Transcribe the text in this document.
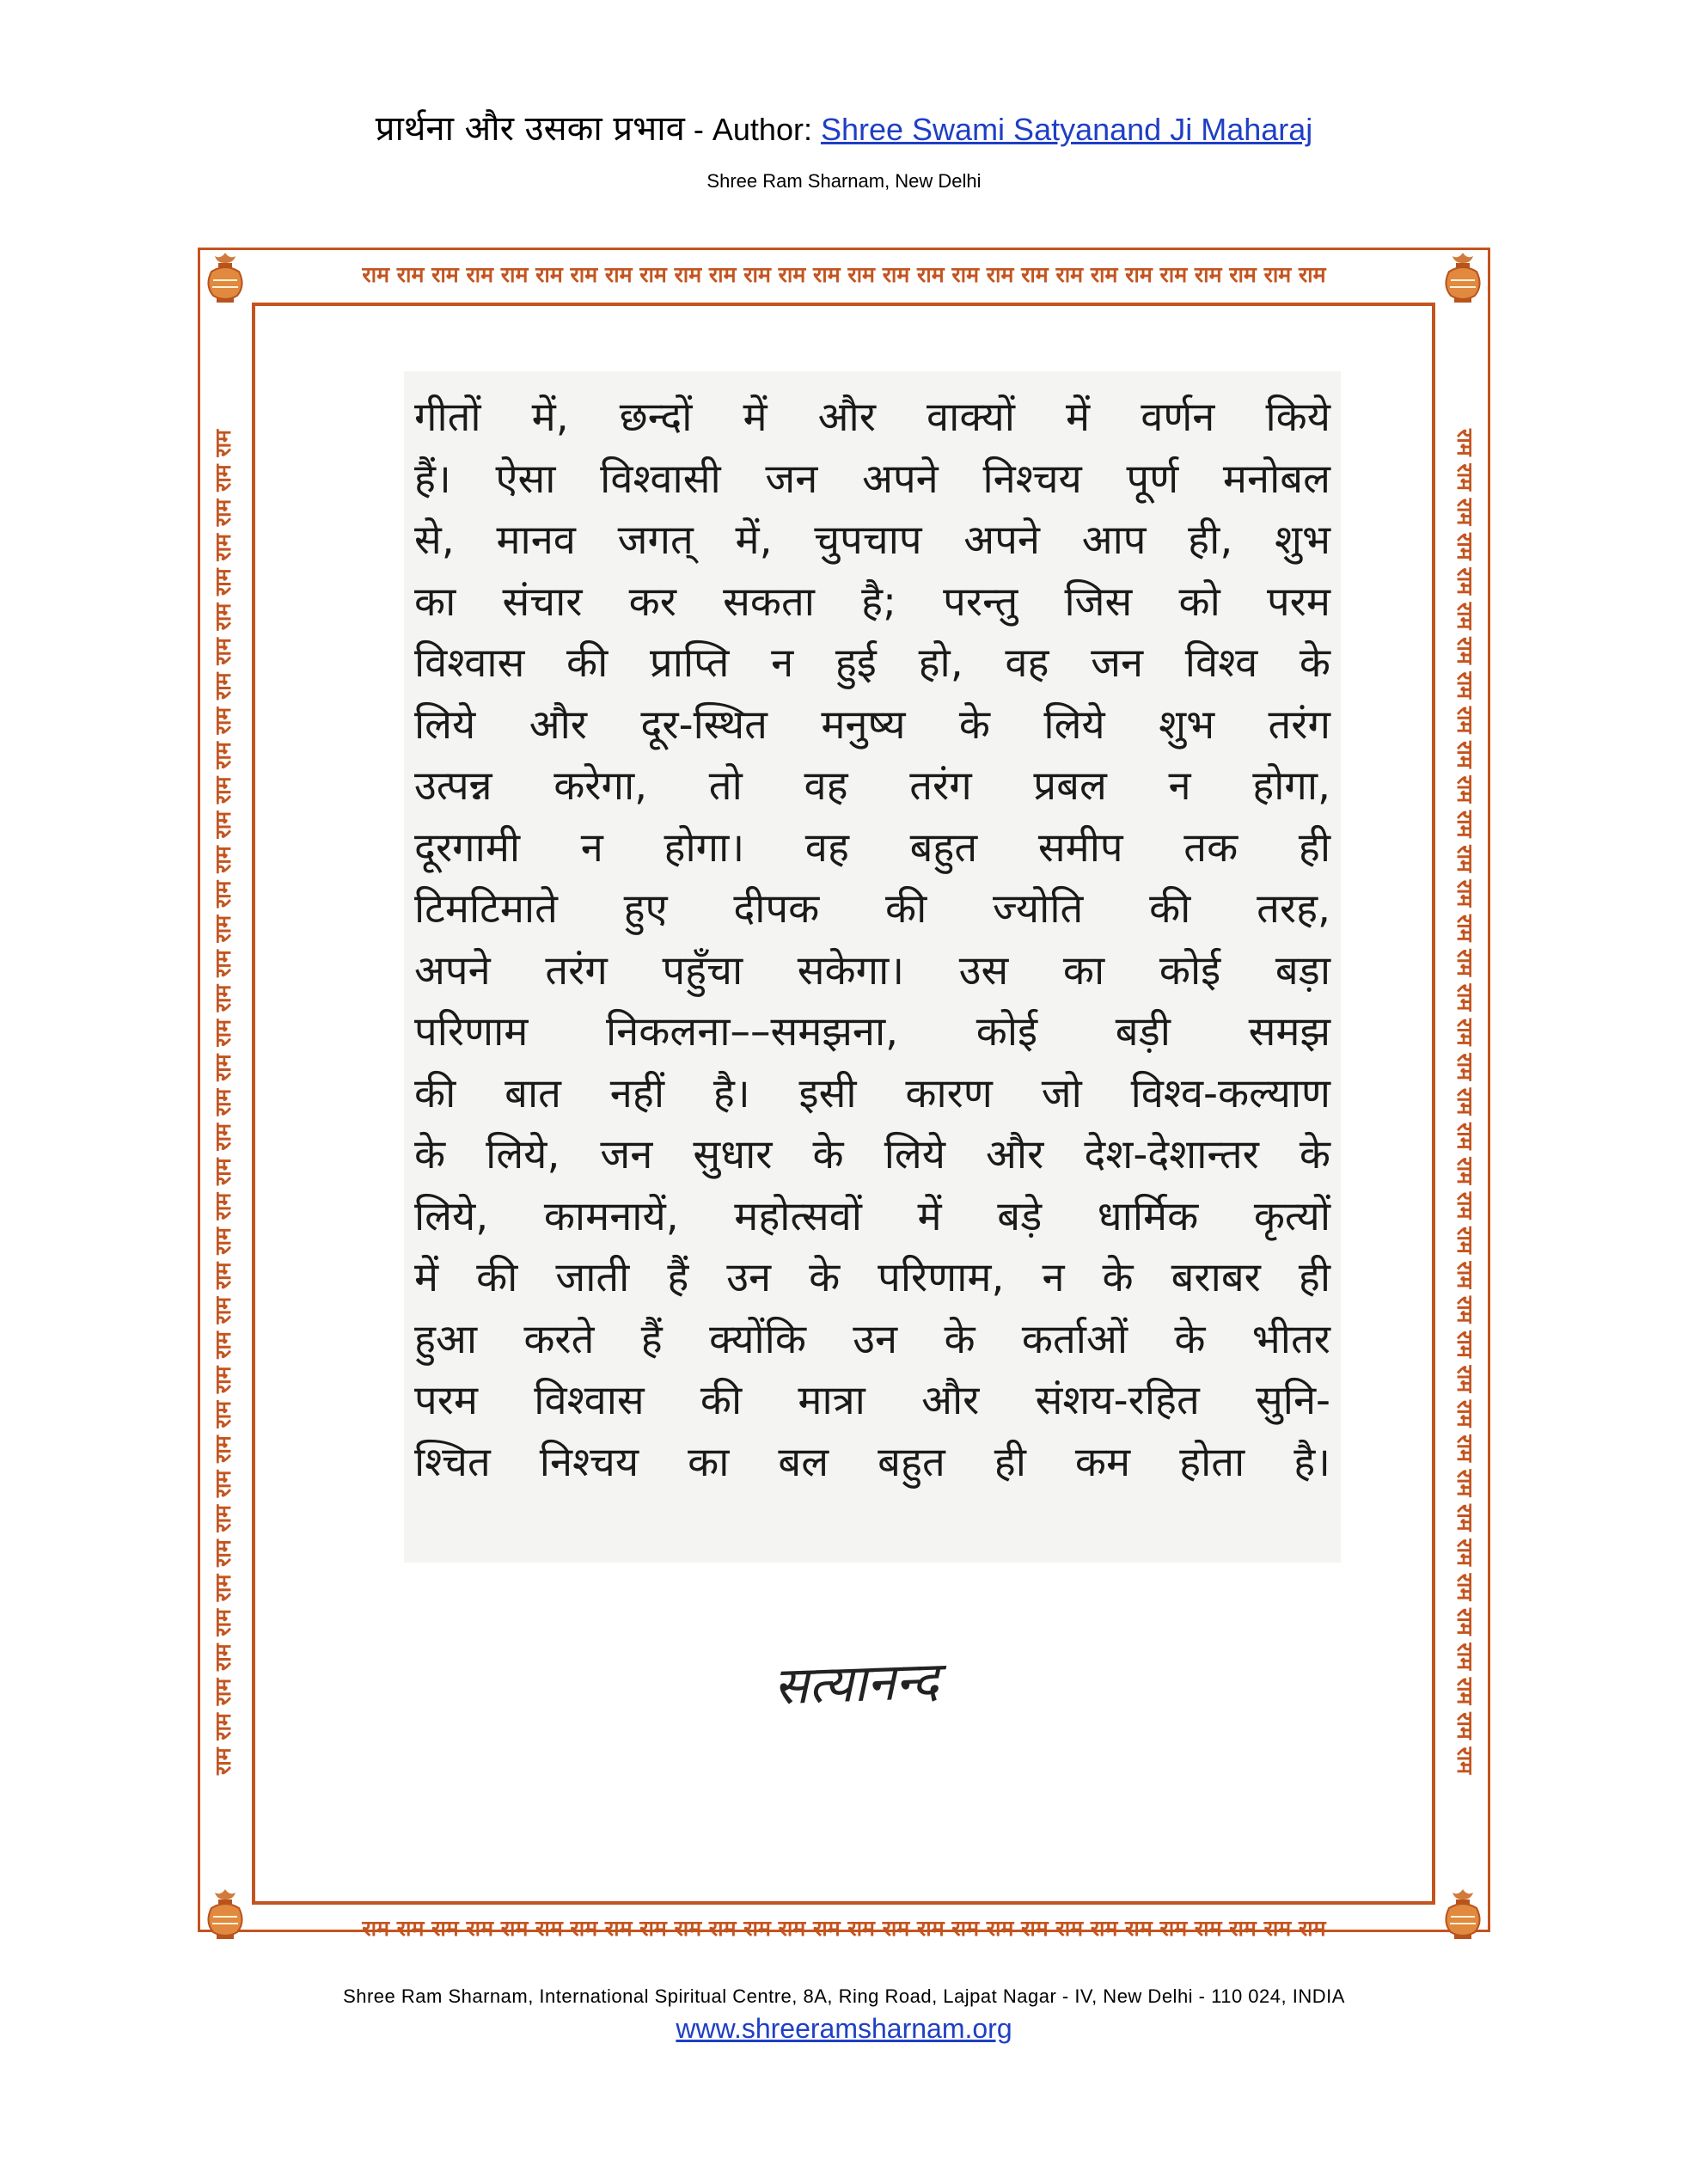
प्रार्थना और उसका प्रभाव - Author: Shree Swami Satyanand Ji Maharaj
Shree Ram Sharnam, New Delhi
राम राम राम राम राम राम राम राम राम राम राम राम राम राम राम राम राम राम राम राम राम राम राम राम राम राम राम राम
राम राम राम राम राम राम राम राम राम राम राम राम राम राम राम राम राम राम राम राम राम राम राम राम राम राम राम राम
राम राम राम राम राम राम राम राम राम राम राम राम राम राम राम राम राम राम राम राम राम राम राम राम राम राम राम राम राम राम राम राम राम राम राम राम राम राम राम	राम राम राम राम राम राम राम राम राम राम राम राम राम राम राम राम राम राम राम राम राम राम राम राम राम राम राम राम राम राम राम राम राम राम राम राम राम राम राम
गीतों में, छन्दों में और वाक्यों में वर्णन किये
हैं। ऐसा विश्वासी जन अपने निश्चय पूर्ण मनोबल
से, मानव जगत् में, चुपचाप अपने आप ही, शुभ
का संचार कर सकता है; परन्तु जिस को परम
विश्वास की प्राप्ति न हुई हो, वह जन विश्व के
लिये और दूर-स्थित मनुष्य के लिये शुभ तरंग
उत्पन्न करेगा, तो वह तरंग प्रबल न होगा,
दूरगामी न होगा। वह बहुत समीप तक ही
टिमटिमाते हुए दीपक की ज्योति की तरह,
अपने तरंग पहुँचा सकेगा। उस का कोई बड़ा
परिणाम निकलना––समझना, कोई बड़ी समझ
की बात नहीं है। इसी कारण जो विश्व-कल्याण
के लिये, जन सुधार के लिये और देश-देशान्तर के
लिये, कामनायें, महोत्सवों में बड़े धार्मिक कृत्यों
में की जाती हैं उन के परिणाम, न के बराबर ही
हुआ करते हैं क्योंकि उन के कर्ताओं के भीतर
परम विश्वास की मात्रा और संशय-रहित सुनि-
श्चित निश्चय का बल बहुत ही कम होता है।
सत्यानन्द
Shree Ram Sharnam, International Spiritual Centre, 8A, Ring Road, Lajpat Nagar - IV, New Delhi - 110 024, INDIA
www.shreeramsharnam.org
